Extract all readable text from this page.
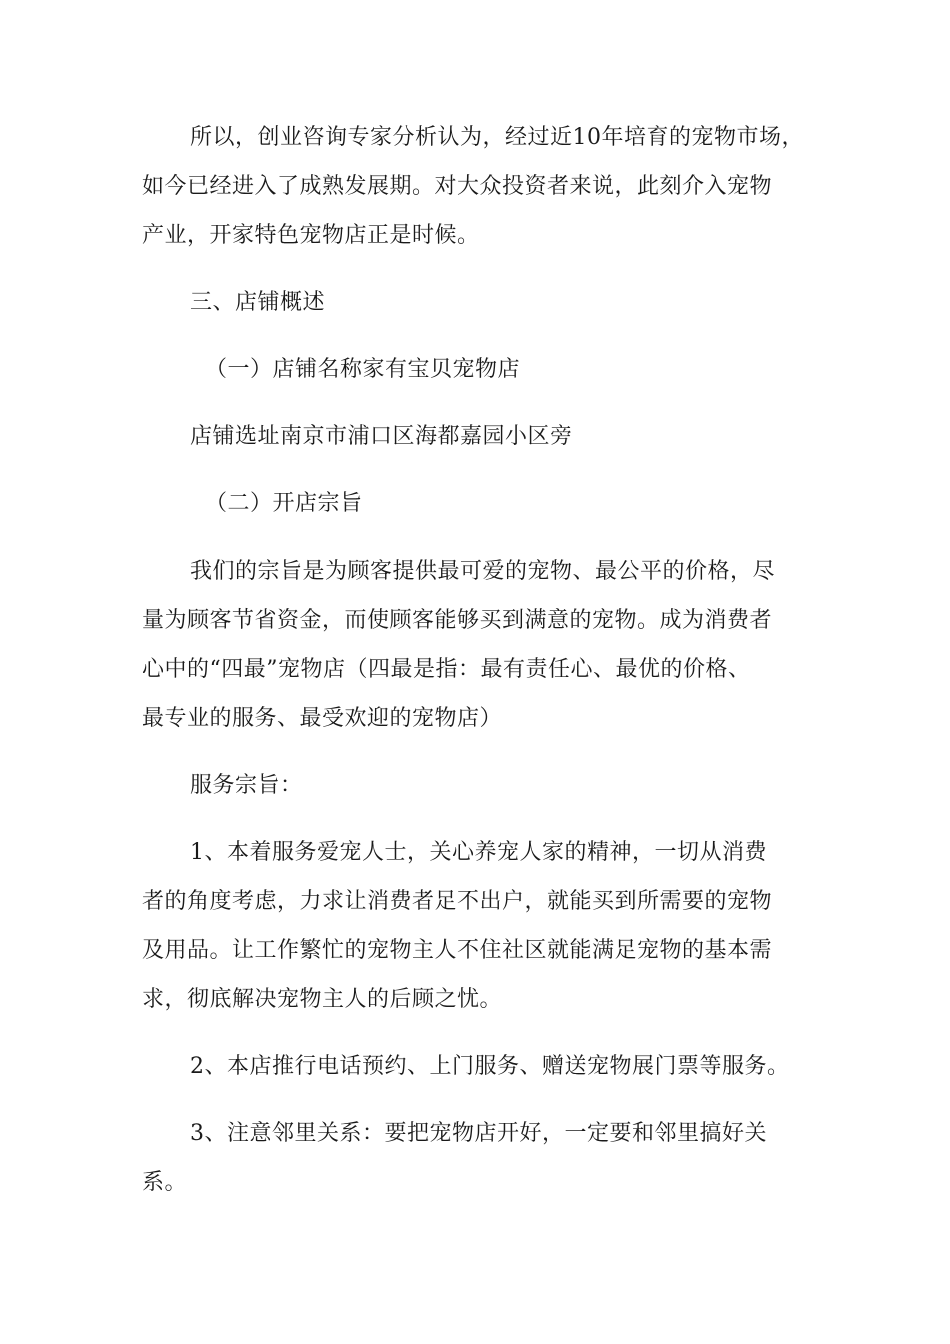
所以，创业咨询专家分析认为，经过近10年培育的宠物市场，
如今已经进入了成熟发展期。对大众投资者来说，此刻介入宠物
产业，开家特色宠物店正是时候。
三、店铺概述
（一）店铺名称家有宝贝宠物店
店铺选址南京市浦口区海都嘉园小区旁
（二）开店宗旨
我们的宗旨是为顾客提供最可爱的宠物、最公平的价格，尽
量为顾客节省资金，而使顾客能够买到满意的宠物。成为消费者
心中的“四最”宠物店（四最是指：最有责任心、最优的价格、
最专业的服务、最受欢迎的宠物店）
服务宗旨：
1、本着服务爱宠人士，关心养宠人家的精神，一切从消费
者的角度考虑，力求让消费者足不出户，就能买到所需要的宠物
及用品。让工作繁忙的宠物主人不住社区就能满足宠物的基本需
求，彻底解决宠物主人的后顾之忧。
2、本店推行电话预约、上门服务、赠送宠物展门票等服务。
3、注意邻里关系：要把宠物店开好，一定要和邻里搞好关
系。
